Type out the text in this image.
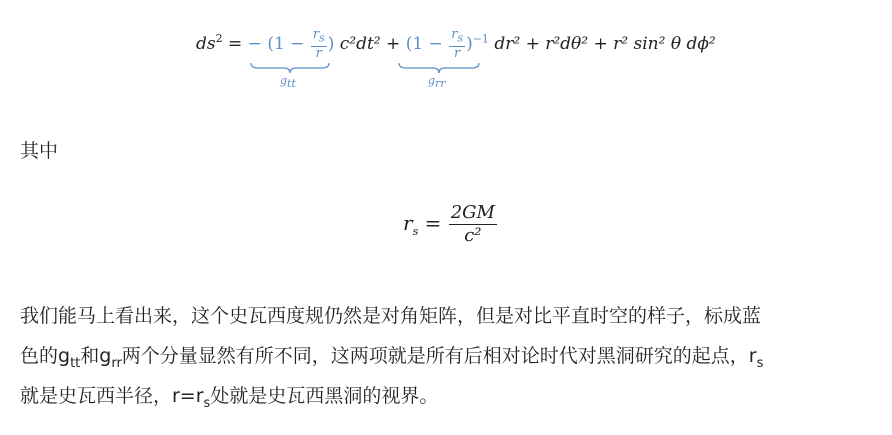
$ds^2$ = − ($1 - \frac{r_s}{r}$ ) $c^2dt^2 + (1 - \frac{r_s}{r} )^{-1}$ dr² + r²dθ² + r² sin² θ dϕ²
$g_{tt}$	$g_{rr}$
其中
$r_s = \frac{2GM}{\text{c²}}$
我们能马上看出来，这个史瓦西度规仍然是对角矩阵，但是对比平直时空的样子，标成蓝
色的$g_{tt}$和$g_{rr}$两个分量显然有所不同，这两项就是所有后相对论时代对黑洞研究的起点，$r_s$
就是史瓦西半径，$r=r_s$处就是史瓦西黑洞的视界。
